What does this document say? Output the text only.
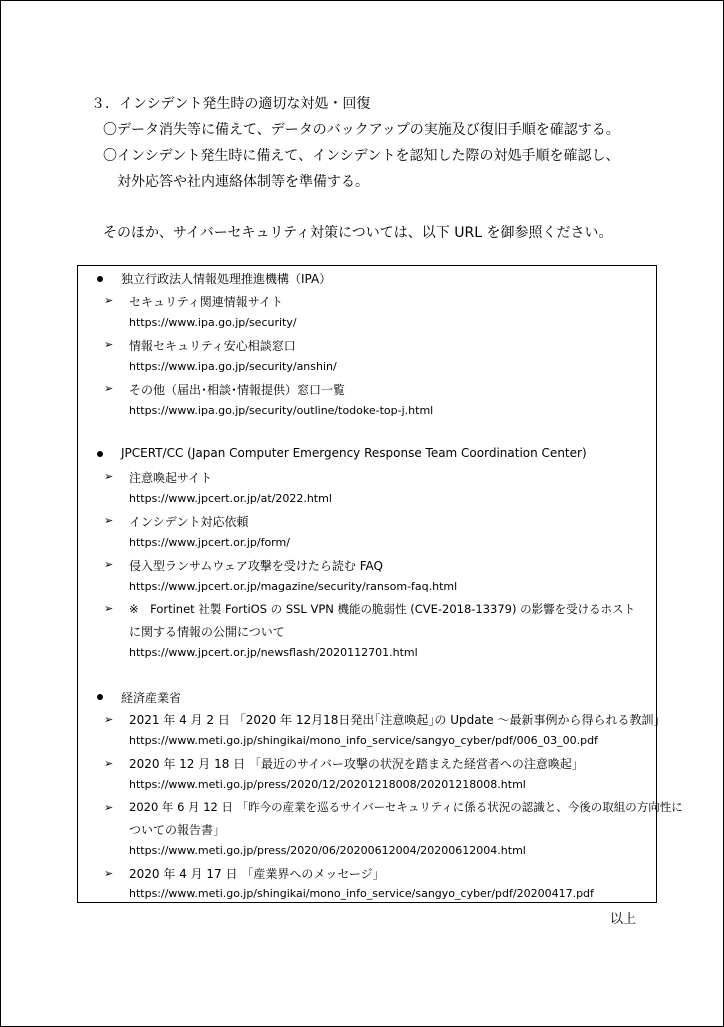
３．インシデント発生時の適切な対処・回復
〇データ消失等に備えて、データのバックアップの実施及び復旧手順を確認する。
〇インシデント発生時に備えて、インシデントを認知した際の対処手順を確認し、
対外応答や社内連絡体制等を準備する。
そのほか、サイバーセキュリティ対策については、以下 URL を御参照ください。
独立行政法人情報処理推進機構（IPA）
➢ セキュリティ関連情報サイト
https://www.ipa.go.jp/security/
➢ 情報セキュリティ安心相談窓口
https://www.ipa.go.jp/security/anshin/
➢ その他（届出･相談･情報提供）窓口一覧
https://www.ipa.go.jp/security/outline/todoke-top-j.html
JPCERT/CC (Japan Computer Emergency Response Team Coordination Center)
➢ 注意喚起サイト
https://www.jpcert.or.jp/at/2022.html
➢ インシデント対応依頼
https://www.jpcert.or.jp/form/
➢ 侵入型ランサムウェア攻撃を受けたら読む FAQ
https://www.jpcert.or.jp/magazine/security/ransom-faq.html
➢ ※　Fortinet 社製 FortiOS の SSL VPN 機能の脆弱性 (CVE-2018-13379) の影響を受けるホスト
に関する情報の公開について
https://www.jpcert.or.jp/newsflash/2020112701.html
経済産業省
➢ 2021 年 4 月 2 日 「2020 年 12月18日発出｢注意喚起｣の Update ～最新事例から得られる教訓」
https://www.meti.go.jp/shingikai/mono_info_service/sangyo_cyber/pdf/006_03_00.pdf
➢ 2020 年 12 月 18 日 「最近のサイバー攻撃の状況を踏まえた経営者への注意喚起」
https://www.meti.go.jp/press/2020/12/20201218008/20201218008.html
➢ 2020 年 6 月 12 日 「昨今の産業を巡るサイバーセキュリティに係る状況の認識と、今後の取組の方向性に
ついての報告書」
https://www.meti.go.jp/press/2020/06/20200612004/20200612004.html
➢ 2020 年 4 月 17 日 「産業界へのメッセージ」
https://www.meti.go.jp/shingikai/mono_info_service/sangyo_cyber/pdf/20200417.pdf
以上
